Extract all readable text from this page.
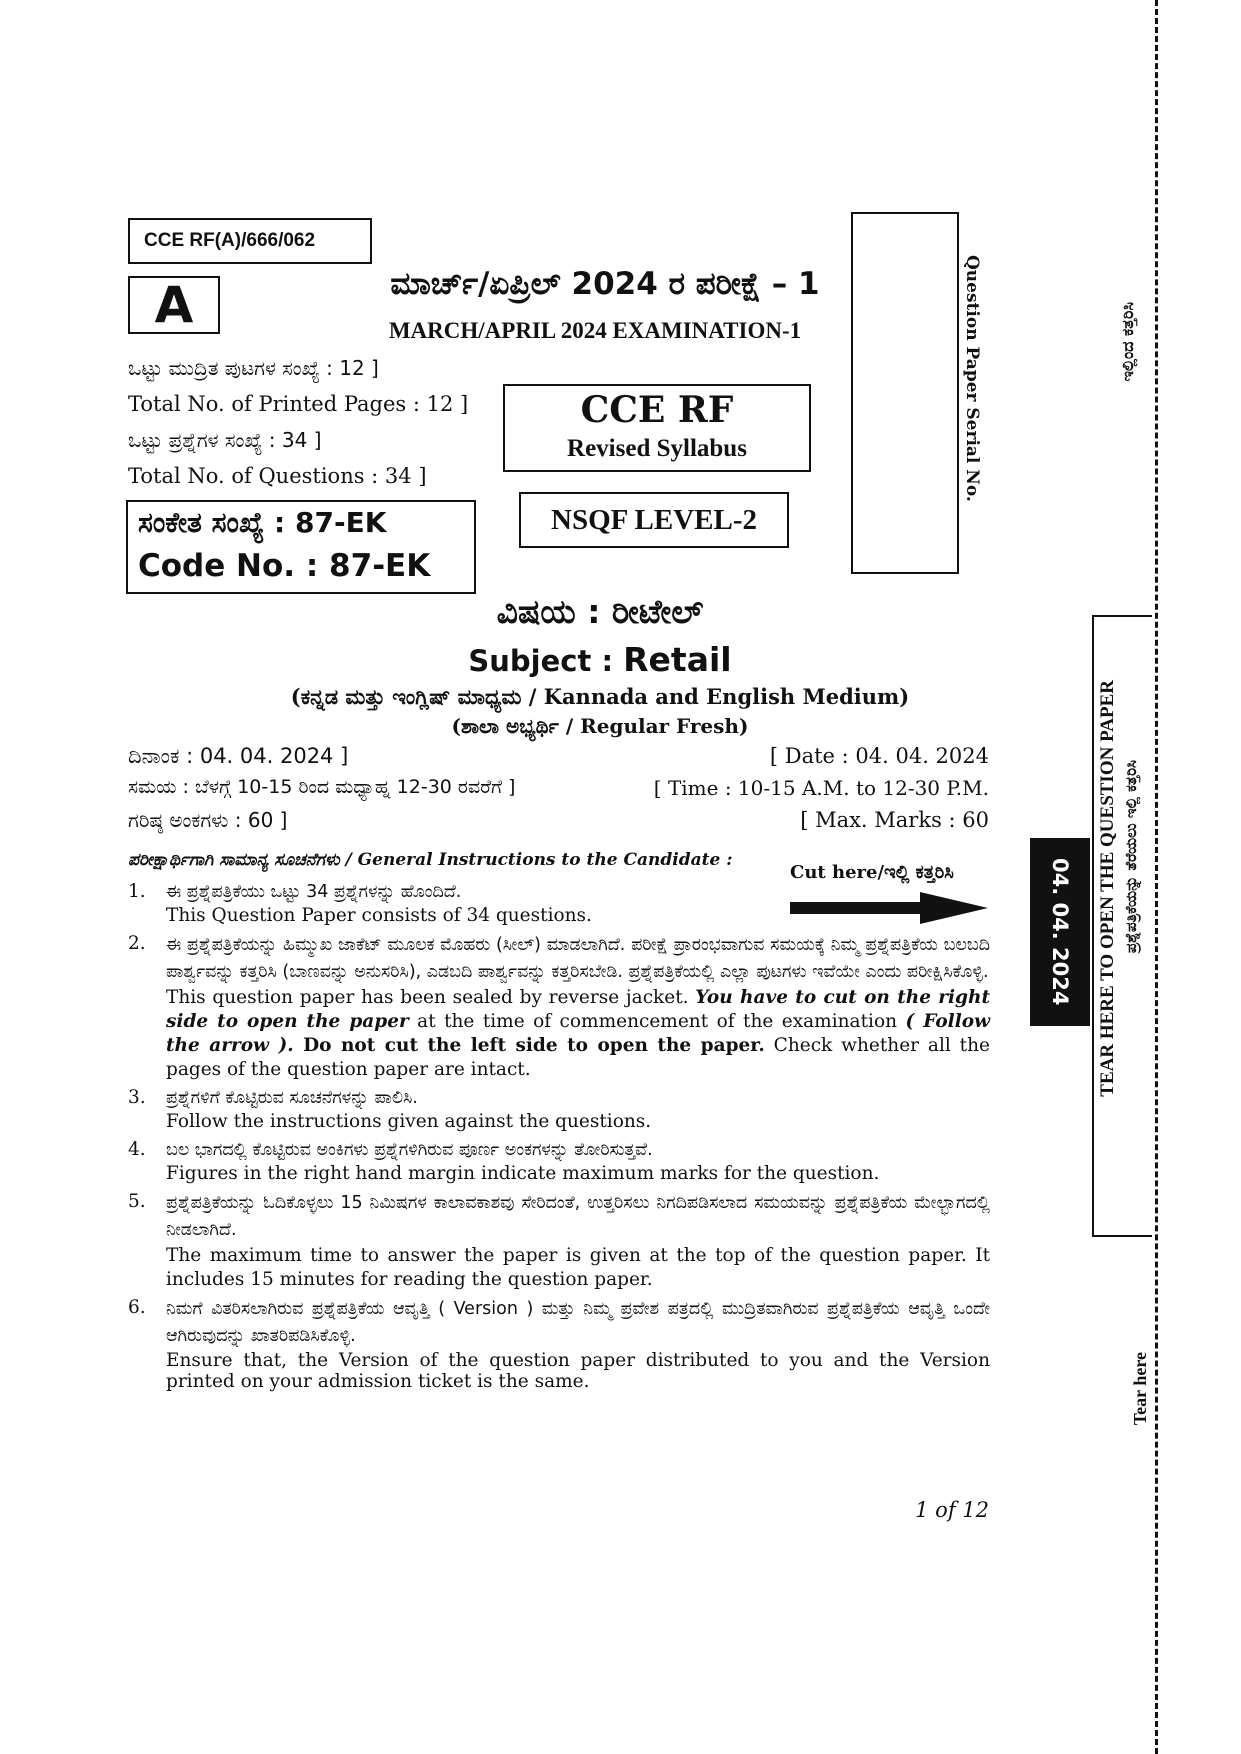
CCE RF(A)/666/062
A	ಮಾರ್ಚ್/ಏಪ್ರಿಲ್ 2024 ರ ಪರೀಕ್ಷೆ – 1
MARCH/APRIL 2024 EXAMINATION-1
ಒಟ್ಟು ಮುದ್ರಿತ ಪುಟಗಳ ಸಂಖ್ಯೆ : 12 ]
Total No. of Printed Pages : 12 ]
ಒಟ್ಟು ಪ್ರಶ್ನೆಗಳ ಸಂಖ್ಯೆ : 34 ]
Total No. of Questions : 34 ]
CCE RF
Revised Syllabus
NSQF LEVEL-2
ಸಂಕೇತ ಸಂಖ್ಯೆ : 87-EK
Code No. : 87-EK
Question Paper Serial No.
ವಿಷಯ : ರೀಟೇಲ್
Subject : Retail
(ಕನ್ನಡ ಮತ್ತು ಇಂಗ್ಲಿಷ್ ಮಾಧ್ಯಮ / Kannada and English Medium)
(ಶಾಲಾ ಅಭ್ಯರ್ಥಿ / Regular Fresh)
ದಿನಾಂಕ : 04. 04. 2024 ]	[ Date : 04. 04. 2024
ಸಮಯ : ಬೆಳಗ್ಗೆ 10-15 ರಿಂದ ಮಧ್ಯಾಹ್ನ 12-30 ರವರೆಗೆ ]	[ Time : 10-15 A.M. to 12-30 P.M.
ಗರಿಷ್ಠ ಅಂಕಗಳು : 60 ]	[ Max. Marks : 60
ಪರೀಕ್ಷಾರ್ಥಿಗಾಗಿ ಸಾಮಾನ್ಯ ಸೂಚನೆಗಳು / General Instructions to the Candidate :
Cut here/ಇಲ್ಲಿ ಕತ್ತರಿಸಿ
1. ಈ ಪ್ರಶ್ನೆಪತ್ರಿಕೆಯು ಒಟ್ಟು 34 ಪ್ರಶ್ನೆಗಳನ್ನು ಹೊಂದಿದೆ.

This Question Paper consists of 34 questions.

2. ಈ ಪ್ರಶ್ನೆಪತ್ರಿಕೆಯನ್ನು ಹಿಮ್ಮುಖ ಜಾಕೆಟ್ ಮೂಲಕ ಮೊಹರು (ಸೀಲ್) ಮಾಡಲಾಗಿದೆ. ಪರೀಕ್ಷೆ ಪ್ರಾರಂಭವಾಗುವ ಸಮಯಕ್ಕೆ ನಿಮ್ಮ ಪ್ರಶ್ನೆಪತ್ರಿಕೆಯ ಬಲಬದಿ ಪಾರ್ಶ್ವವನ್ನು ಕತ್ತರಿಸಿ (ಬಾಣವನ್ನು ಅನುಸರಿಸಿ), ಎಡಬದಿ ಪಾರ್ಶ್ವವನ್ನು ಕತ್ತರಿಸಬೇಡಿ. ಪ್ರಶ್ನೆಪತ್ರಿಕೆಯಲ್ಲಿ ಎಲ್ಲಾ ಪುಟಗಳು ಇವೆಯೇ ಎಂದು ಪರೀಕ್ಷಿಸಿಕೊಳ್ಳಿ.

This question paper has been sealed by reverse jacket. You have to cut on the right side to open the paper at the time of commencement of the examination ( Follow the arrow ). Do not cut the left side to open the paper. Check whether all the pages of the question paper are intact.

3. ಪ್ರಶ್ನೆಗಳಿಗೆ ಕೊಟ್ಟಿರುವ ಸೂಚನೆಗಳನ್ನು ಪಾಲಿಸಿ.

Follow the instructions given against the questions.

4. ಬಲ ಭಾಗದಲ್ಲಿ ಕೊಟ್ಟಿರುವ ಅಂಕಿಗಳು ಪ್ರಶ್ನೆಗಳಿಗಿರುವ ಪೂರ್ಣ ಅಂಕಗಳನ್ನು ತೋರಿಸುತ್ತವೆ.

Figures in the right hand margin indicate maximum marks for the question.

5. ಪ್ರಶ್ನೆಪತ್ರಿಕೆಯನ್ನು ಓದಿಕೊಳ್ಳಲು 15 ನಿಮಿಷಗಳ ಕಾಲಾವಕಾಶವು ಸೇರಿದಂತೆ, ಉತ್ತರಿಸಲು ನಿಗದಿಪಡಿಸಲಾದ ಸಮಯವನ್ನು ಪ್ರಶ್ನೆಪತ್ರಿಕೆಯ ಮೇಲ್ಭಾಗದಲ್ಲಿ ನೀಡಲಾಗಿದೆ.

The maximum time to answer the paper is given at the top of the question paper. It includes 15 minutes for reading the question paper.

6. ನಿಮಗೆ ವಿತರಿಸಲಾಗಿರುವ ಪ್ರಶ್ನೆಪತ್ರಿಕೆಯ ಆವೃತ್ತಿ ( Version ) ಮತ್ತು ನಿಮ್ಮ ಪ್ರವೇಶ ಪತ್ರದಲ್ಲಿ ಮುದ್ರಿತವಾಗಿರುವ ಪ್ರಶ್ನೆಪತ್ರಿಕೆಯ ಆವೃತ್ತಿ ಒಂದೇ ಆಗಿರುವುದನ್ನು ಖಾತರಿಪಡಿಸಿಕೊಳ್ಳಿ.

Ensure that, the Version of the question paper distributed to you and the Version printed on your admission ticket is the same.

1 of 12
ಇಲ್ಲಿಂದ ಕತ್ತರಿಸಿ
TEAR HERE TO OPEN THE QUESTION PAPER ಪ್ರಶ್ನೆಪತ್ರಿಕೆಯನ್ನು ತೆರೆಯಲು ಇಲ್ಲಿ ಕತ್ತರಿಸಿ
04. 04. 2024
Tear here
